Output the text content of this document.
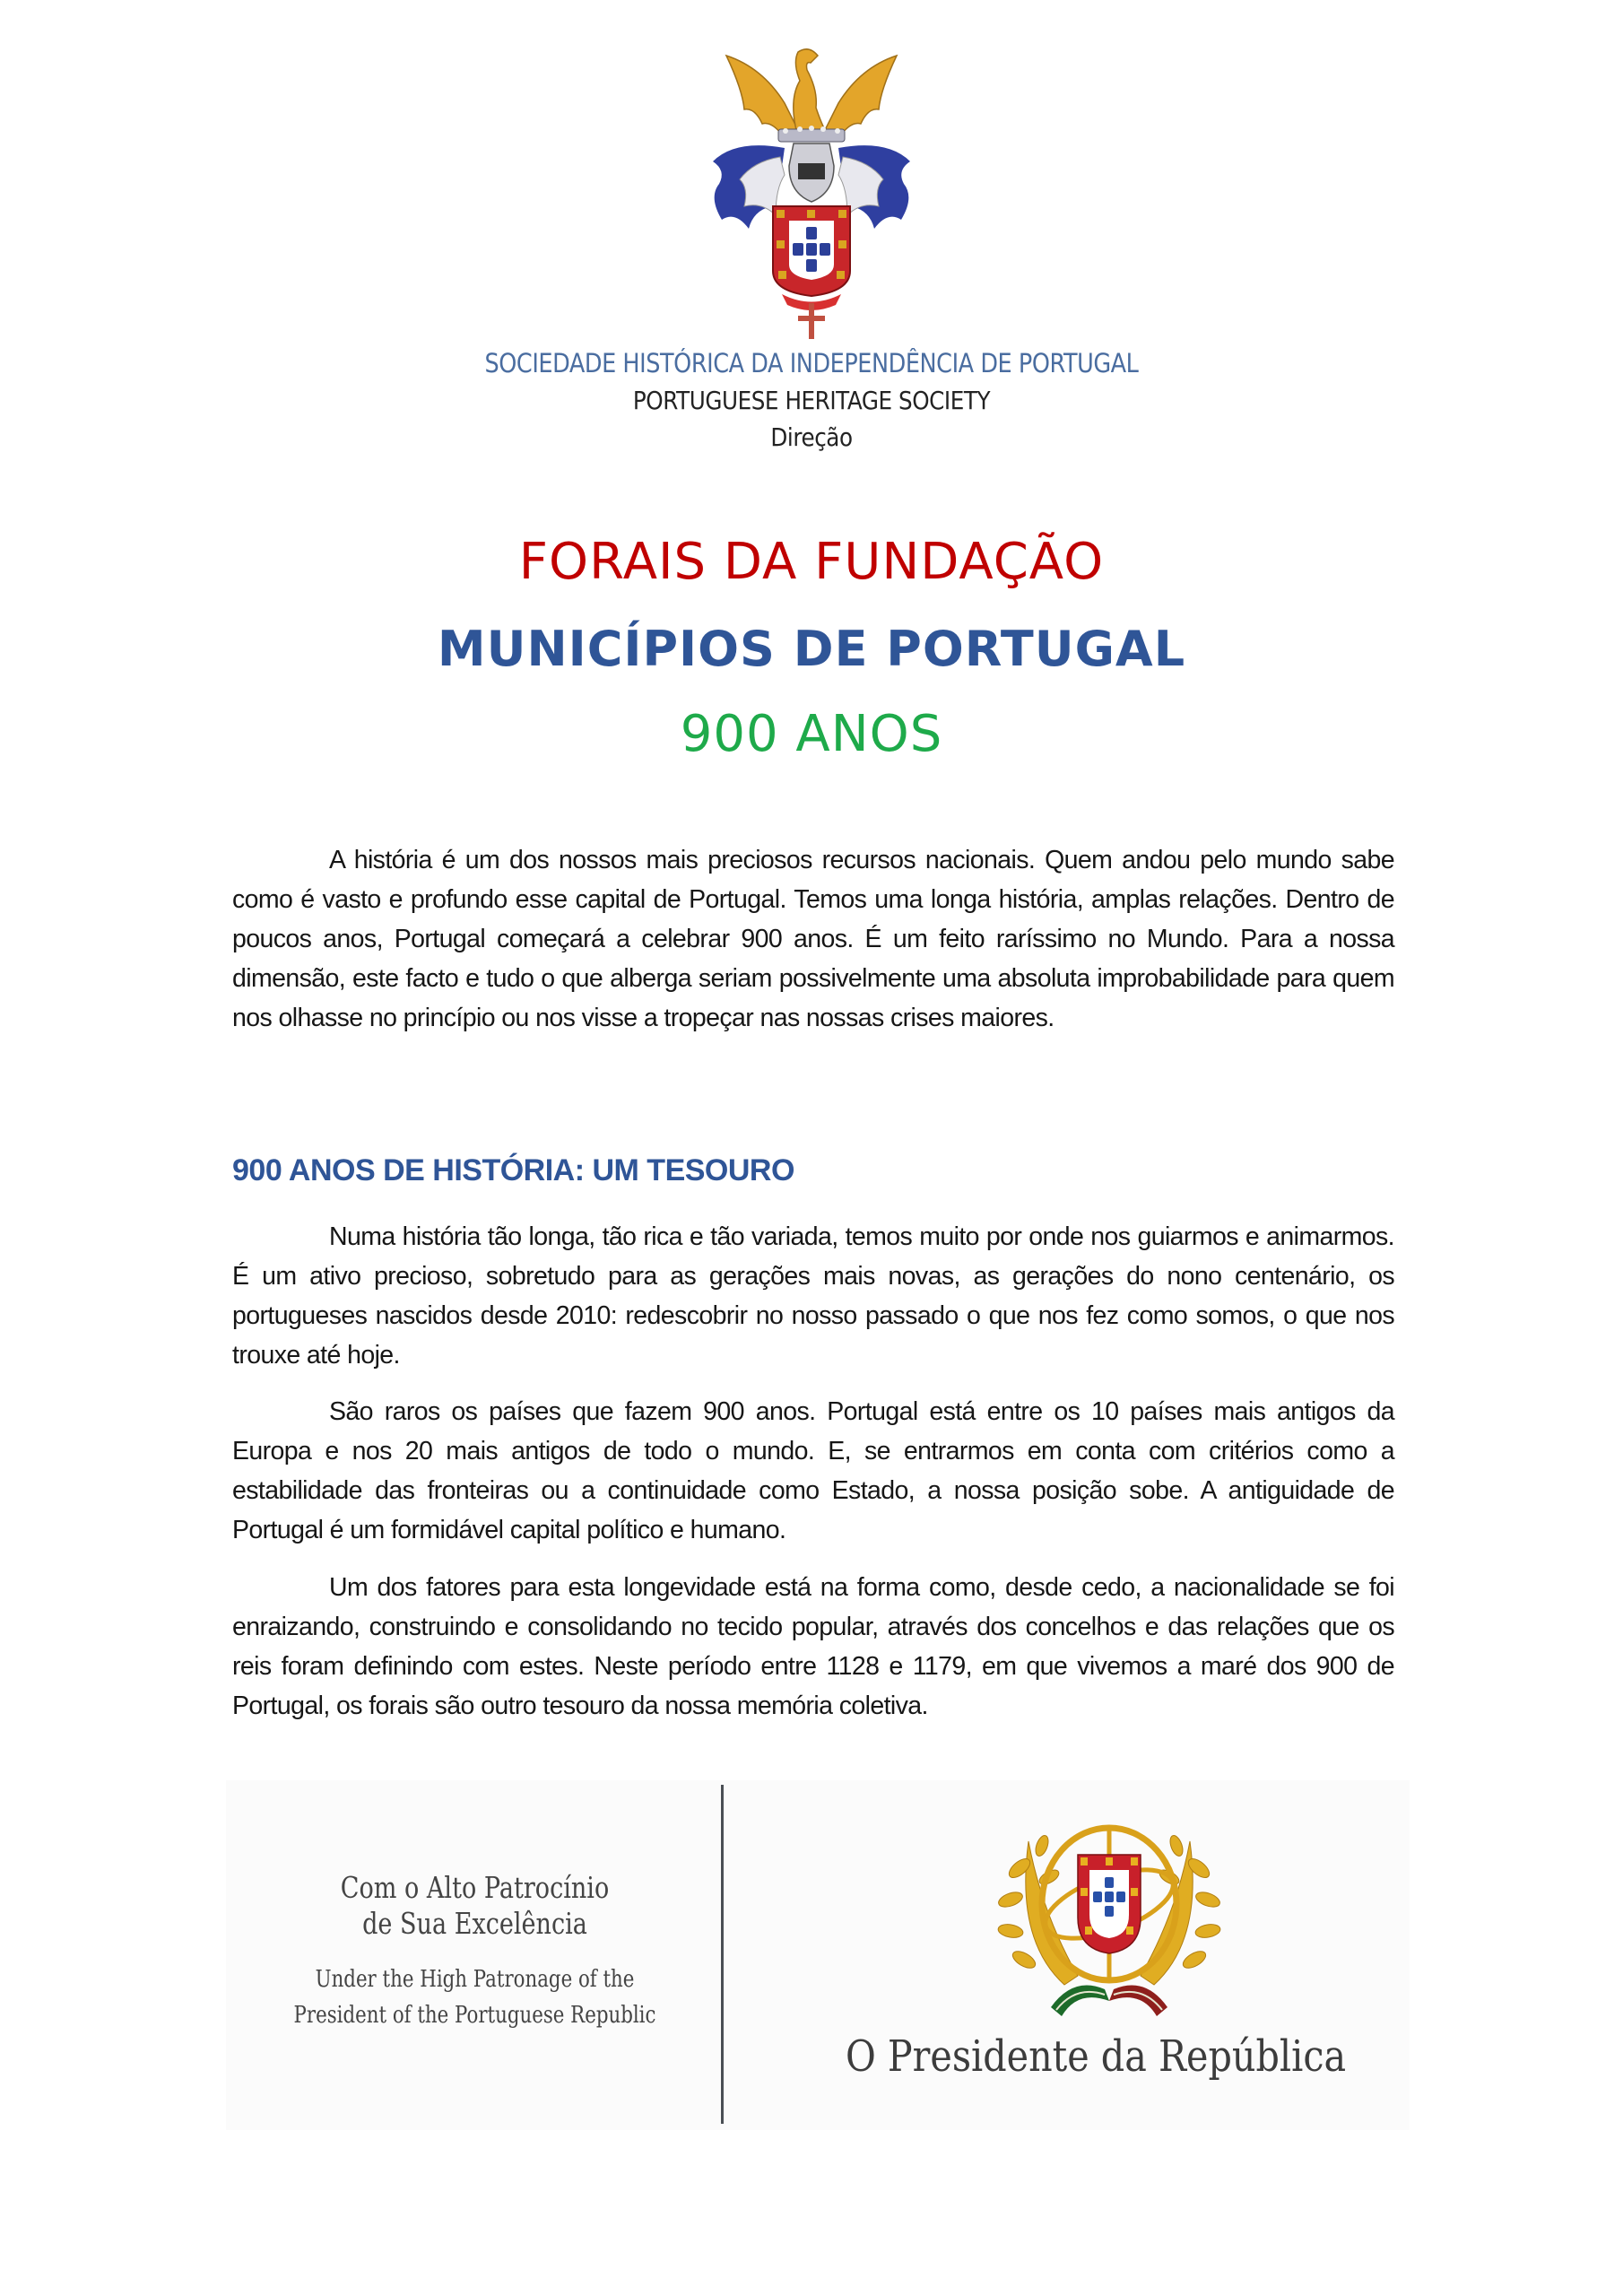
SOCIEDADE HISTÓRICA DA INDEPENDÊNCIA DE PORTUGAL
PORTUGUESE HERITAGE SOCIETY
Direção
FORAIS DA FUNDAÇÃO
MUNICÍPIOS DE PORTUGAL
900 ANOS

A história é um dos nossos mais preciosos recursos nacionais. Quem andou pelo mundo sabe como é vasto e profundo esse capital de Portugal. Temos uma longa história, amplas relações. Dentro de poucos anos, Portugal começará a celebrar 900 anos. É um feito raríssimo no Mundo. Para a nossa dimensão, este facto e tudo o que alberga seriam possivelmente uma absoluta improbabilidade para quem nos olhasse no princípio ou nos visse a tropeçar nas nossas crises maiores.

900 ANOS DE HISTÓRIA: UM TESOURO

Numa história tão longa, tão rica e tão variada, temos muito por onde nos guiarmos e animarmos. É um ativo precioso, sobretudo para as gerações mais novas, as gerações do nono centenário, os portugueses nascidos desde 2010: redescobrir no nosso passado o que nos fez como somos, o que nos trouxe até hoje.

São raros os países que fazem 900 anos. Portugal está entre os 10 países mais antigos da Europa e nos 20 mais antigos de todo o mundo. E, se entrarmos em conta com critérios como a estabilidade das fronteiras ou a continuidade como Estado, a nossa posição sobe. A antiguidade de Portugal é um formidável capital político e humano.

Um dos fatores para esta longevidade está na forma como, desde cedo, a nacionalidade se foi enraizando, construindo e consolidando no tecido popular, através dos concelhos e das relações que os reis foram definindo com estes. Neste período entre 1128 e 1179, em que vivemos a maré dos 900 de Portugal, os forais são outro tesouro da nossa memória coletiva.

Com o Alto Patrocínio
de Sua Excelência
Under the High Patronage of the
President of the Portuguese Republic
O Presidente da República
